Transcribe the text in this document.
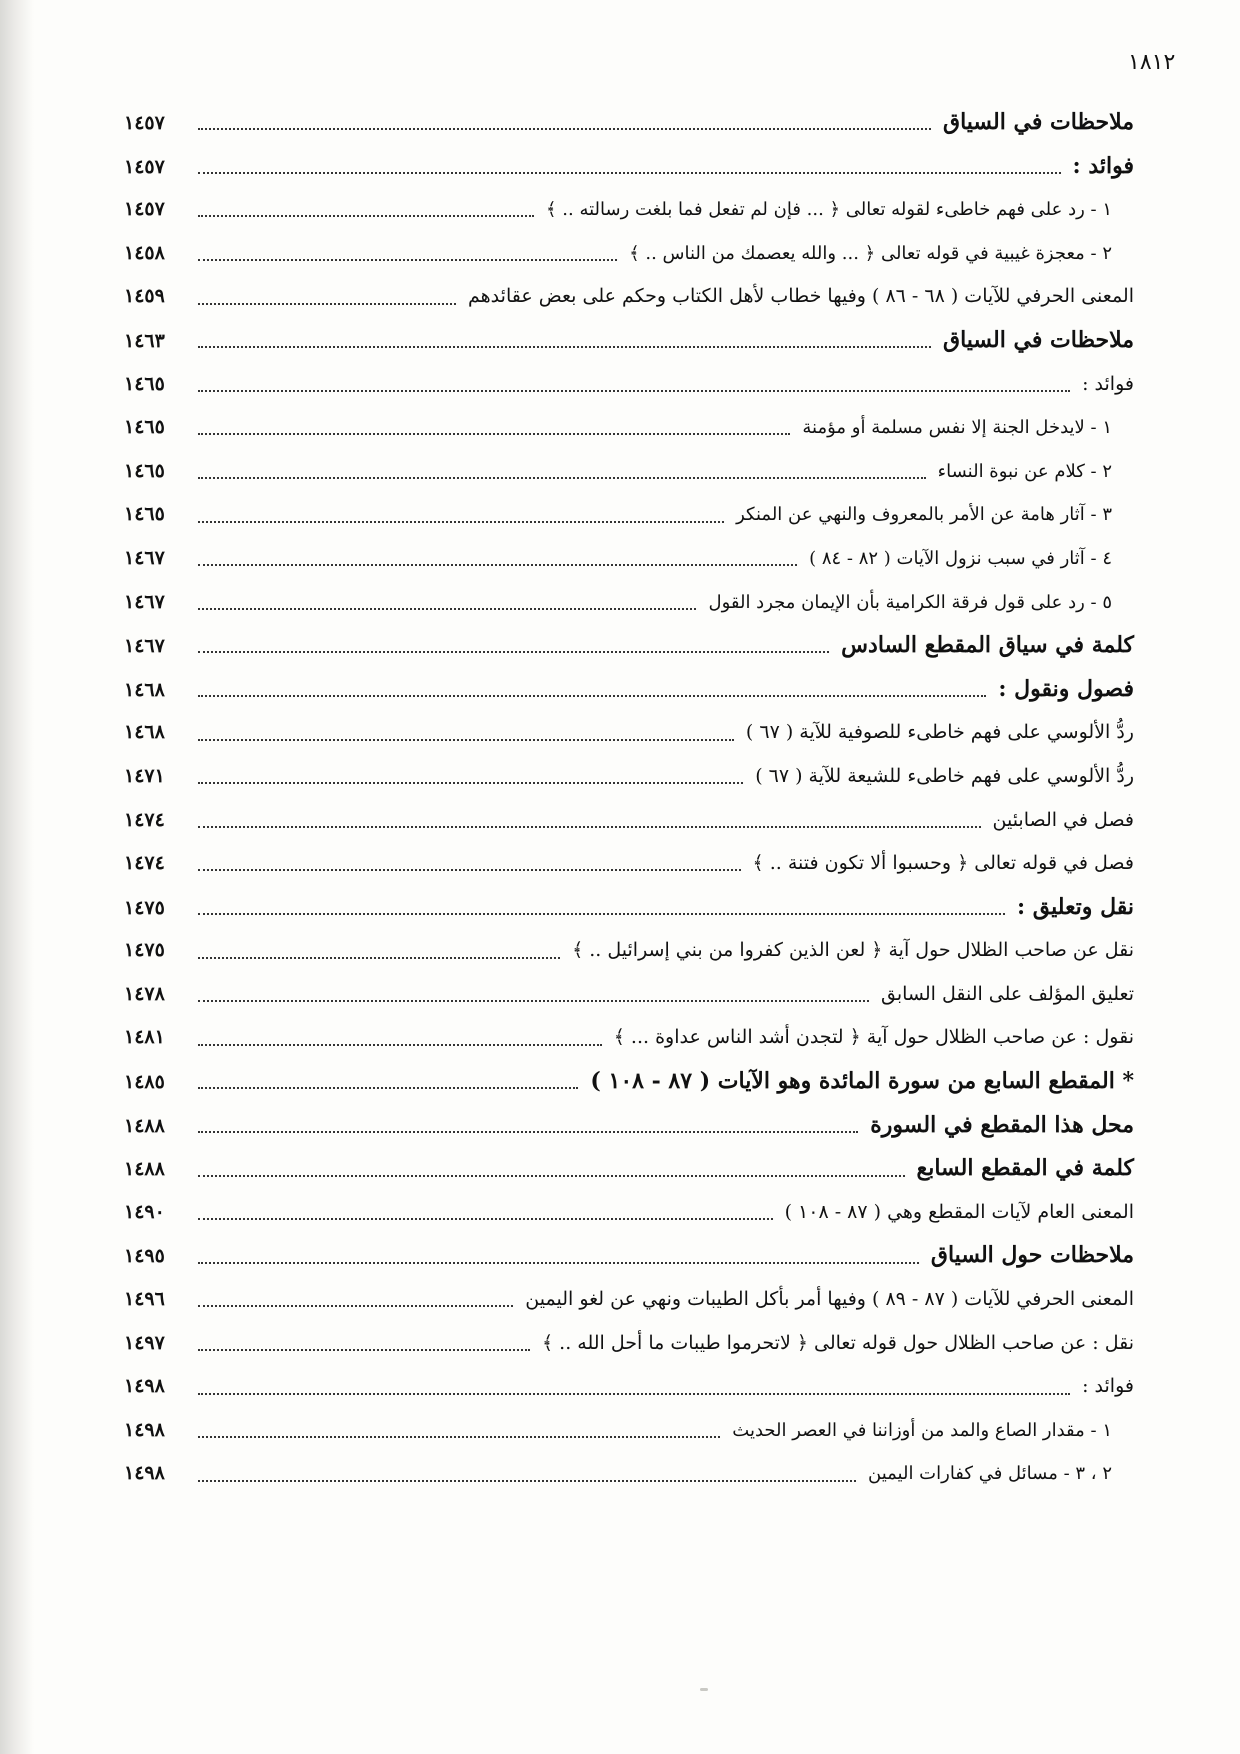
١٨١٢
ملاحظات في السياق
١٤٥٧
فوائد :
١٤٥٧
١ - رد على فهم خاطىء لقوله تعالى ﴿ ... فإن لم تفعل فما بلغت رسالته .. ﴾
١٤٥٧
٢ - معجزة غيبية في قوله تعالى ﴿ ... والله يعصمك من الناس .. ﴾
١٤٥٨
المعنى الحرفي للآيات ( ٦٨ - ٨٦ ) وفيها خطاب لأهل الكتاب وحكم على بعض عقائدهم
١٤٥٩
ملاحظات في السياق
١٤٦٣
فوائد :
١٤٦٥
١ - لايدخل الجنة إلا نفس مسلمة أو مؤمنة
١٤٦٥
٢ - كلام عن نبوة النساء
١٤٦٥
٣ - آثار هامة عن الأمر بالمعروف والنهي عن المنكر
١٤٦٥
٤ - آثار في سبب نزول الآيات ( ٨٢ - ٨٤ )
١٤٦٧
٥ - رد على قول فرقة الكرامية بأن الإيمان مجرد القول
١٤٦٧
كلمة في سياق المقطع السادس
١٤٦٧
فصول ونقول :
١٤٦٨
ردُّ الألوسي على فهم خاطىء للصوفية للآية ( ٦٧ )
١٤٦٨
ردُّ الألوسي على فهم خاطىء للشيعة للآية ( ٦٧ )
١٤٧١
فصل في الصابئين
١٤٧٤
فصل في قوله تعالى ﴿ وحسبوا ألا تكون فتنة .. ﴾
١٤٧٤
نقل وتعليق :
١٤٧٥
نقل عن صاحب الظلال حول آية ﴿ لعن الذين كفروا من بني إسرائيل .. ﴾
١٤٧٥
تعليق المؤلف على النقل السابق
١٤٧٨
نقول : عن صاحب الظلال حول آية ﴿ لتجدن أشد الناس عداوة ... ﴾
١٤٨١
* المقطع السابع من سورة المائدة وهو الآيات ( ٨٧ - ١٠٨ )
١٤٨٥
محل هذا المقطع في السورة
١٤٨٨
كلمة في المقطع السابع
١٤٨٨
المعنى العام لآيات المقطع وهي ( ٨٧ - ١٠٨ )
١٤٩٠
ملاحظات حول السياق
١٤٩٥
المعنى الحرفي للآيات ( ٨٧ - ٨٩ ) وفيها أمر بأكل الطيبات ونهي عن لغو اليمين
١٤٩٦
نقل : عن صاحب الظلال حول قوله تعالى ﴿ لاتحرموا طيبات ما أحل الله .. ﴾
١٤٩٧
فوائد :
١٤٩٨
١ - مقدار الصاع والمد من أوزاننا في العصر الحديث
١٤٩٨
٢ ، ٣ - مسائل في كفارات اليمين
١٤٩٨
